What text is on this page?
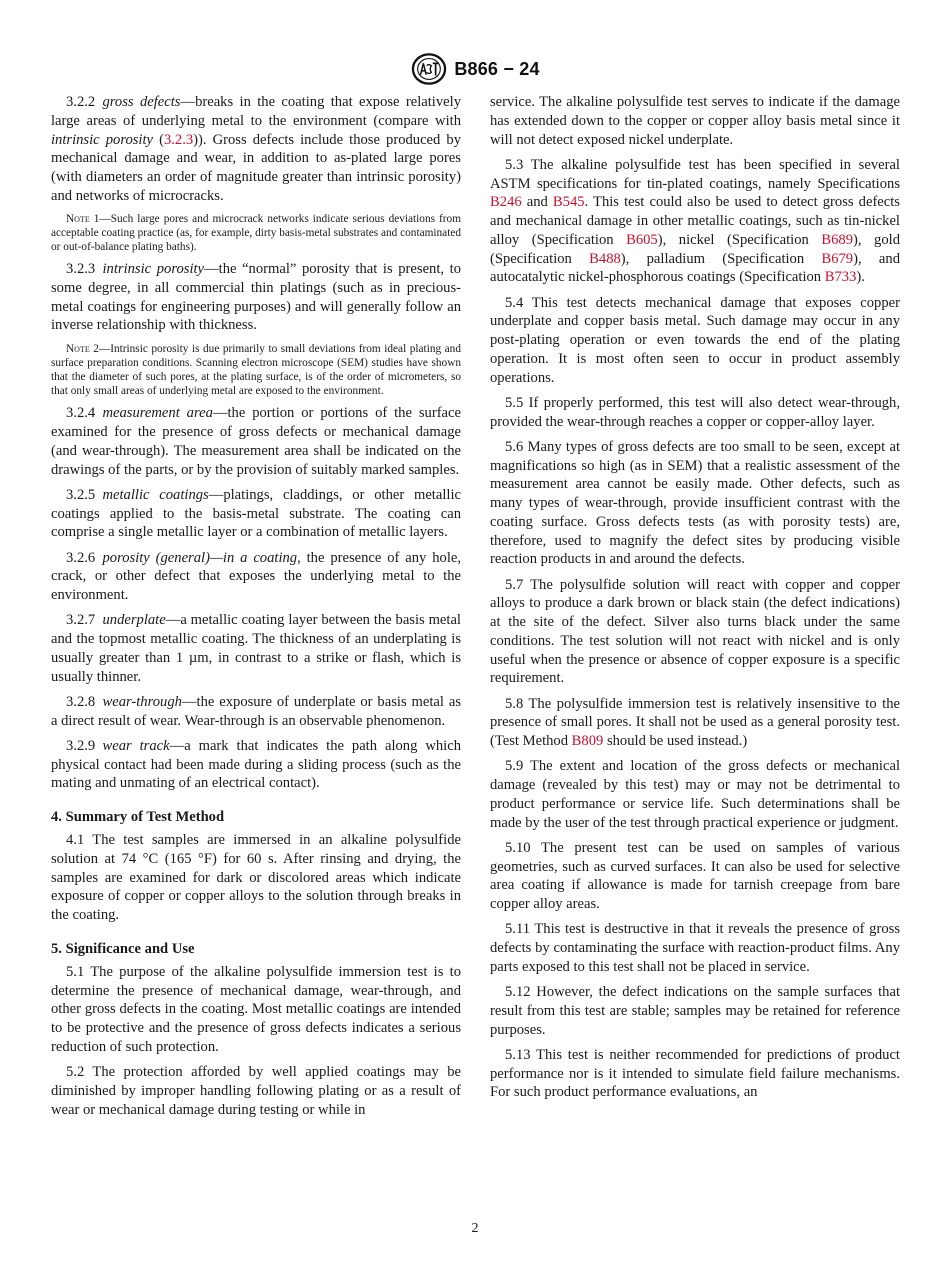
B866 − 24

3.2.2  gross defects—breaks in the coating that expose relatively large areas of underlying metal to the environment (compare with intrinsic porosity (3.2.3)). Gross defects include those produced by mechanical damage and wear, in addition to as-plated large pores (with diameters an order of magnitude greater than intrinsic porosity) and networks of microcracks.

Note 1—Such large pores and microcrack networks indicate serious deviations from acceptable coating practice (as, for example, dirty basis-metal substrates and contaminated or out-of-balance plating baths).

3.2.3  intrinsic porosity—the “normal” porosity that is present, to some degree, in all commercial thin platings (such as in precious-metal coatings for engineering purposes) and will generally follow an inverse relationship with thickness.

Note 2—Intrinsic porosity is due primarily to small deviations from ideal plating and surface preparation conditions. Scanning electron microscope (SEM) studies have shown that the diameter of such pores, at the plating surface, is of the order of micrometers, so that only small areas of underlying metal are exposed to the environment.

3.2.4  measurement area—the portion or portions of the surface examined for the presence of gross defects or mechanical damage (and wear-through). The measurement area shall be indicated on the drawings of the parts, or by the provision of suitably marked samples.

3.2.5  metallic coatings—platings, claddings, or other metallic coatings applied to the basis-metal substrate. The coating can comprise a single metallic layer or a combination of metallic layers.

3.2.6  porosity (general)—in a coating, the presence of any hole, crack, or other defect that exposes the underlying metal to the environment.

3.2.7  underplate—a metallic coating layer between the basis metal and the topmost metallic coating. The thickness of an underplating is usually greater than 1 µm, in contrast to a strike or flash, which is usually thinner.

3.2.8  wear-through—the exposure of underplate or basis metal as a direct result of wear. Wear-through is an observable phenomenon.

3.2.9  wear track—a mark that indicates the path along which physical contact had been made during a sliding process (such as the mating and unmating of an electrical contact).

4. Summary of Test Method

4.1 The test samples are immersed in an alkaline polysulfide solution at 74 °C (165 °F) for 60 s. After rinsing and drying, the samples are examined for dark or discolored areas which indicate exposure of copper or copper alloys to the solution through breaks in the coating.

5. Significance and Use

5.1 The purpose of the alkaline polysulfide immersion test is to determine the presence of mechanical damage, wear-through, and other gross defects in the coating. Most metallic coatings are intended to be protective and the presence of gross defects indicates a serious reduction of such protection.

5.2 The protection afforded by well applied coatings may be diminished by improper handling following plating or as a result of wear or mechanical damage during testing or while in

service. The alkaline polysulfide test serves to indicate if the damage has extended down to the copper or copper alloy basis metal since it will not detect exposed nickel underplate.

5.3 The alkaline polysulfide test has been specified in several ASTM specifications for tin-plated coatings, namely Specifications B246 and B545. This test could also be used to detect gross defects and mechanical damage in other metallic coatings, such as tin-nickel alloy (Specification B605), nickel (Specification B689), gold (Specification B488), palladium (Specification B679), and autocatalytic nickel-phosphorous coatings (Specification B733).

5.4 This test detects mechanical damage that exposes copper underplate and copper basis metal. Such damage may occur in any post-plating operation or even towards the end of the plating operation. It is most often seen to occur in product assembly operations.

5.5 If properly performed, this test will also detect wear-through, provided the wear-through reaches a copper or copper-alloy layer.

5.6 Many types of gross defects are too small to be seen, except at magnifications so high (as in SEM) that a realistic assessment of the measurement area cannot be easily made. Other defects, such as many types of wear-through, provide insufficient contrast with the coating surface. Gross defects tests (as with porosity tests) are, therefore, used to magnify the defect sites by producing visible reaction products in and around the defects.

5.7 The polysulfide solution will react with copper and copper alloys to produce a dark brown or black stain (the defect indications) at the site of the defect. Silver also turns black under the same conditions. The test solution will not react with nickel and is only useful when the presence or absence of copper exposure is a specific requirement.

5.8 The polysulfide immersion test is relatively insensitive to the presence of small pores. It shall not be used as a general porosity test. (Test Method B809 should be used instead.)

5.9 The extent and location of the gross defects or mechanical damage (revealed by this test) may or may not be detrimental to product performance or service life. Such determinations shall be made by the user of the test through practical experience or judgment.

5.10 The present test can be used on samples of various geometries, such as curved surfaces. It can also be used for selective area coating if allowance is made for tarnish creepage from bare copper alloy areas.

5.11 This test is destructive in that it reveals the presence of gross defects by contaminating the surface with reaction-product films. Any parts exposed to this test shall not be placed in service.

5.12 However, the defect indications on the sample surfaces that result from this test are stable; samples may be retained for reference purposes.

5.13 This test is neither recommended for predictions of product performance nor is it intended to simulate field failure mechanisms. For such product performance evaluations, an

2
